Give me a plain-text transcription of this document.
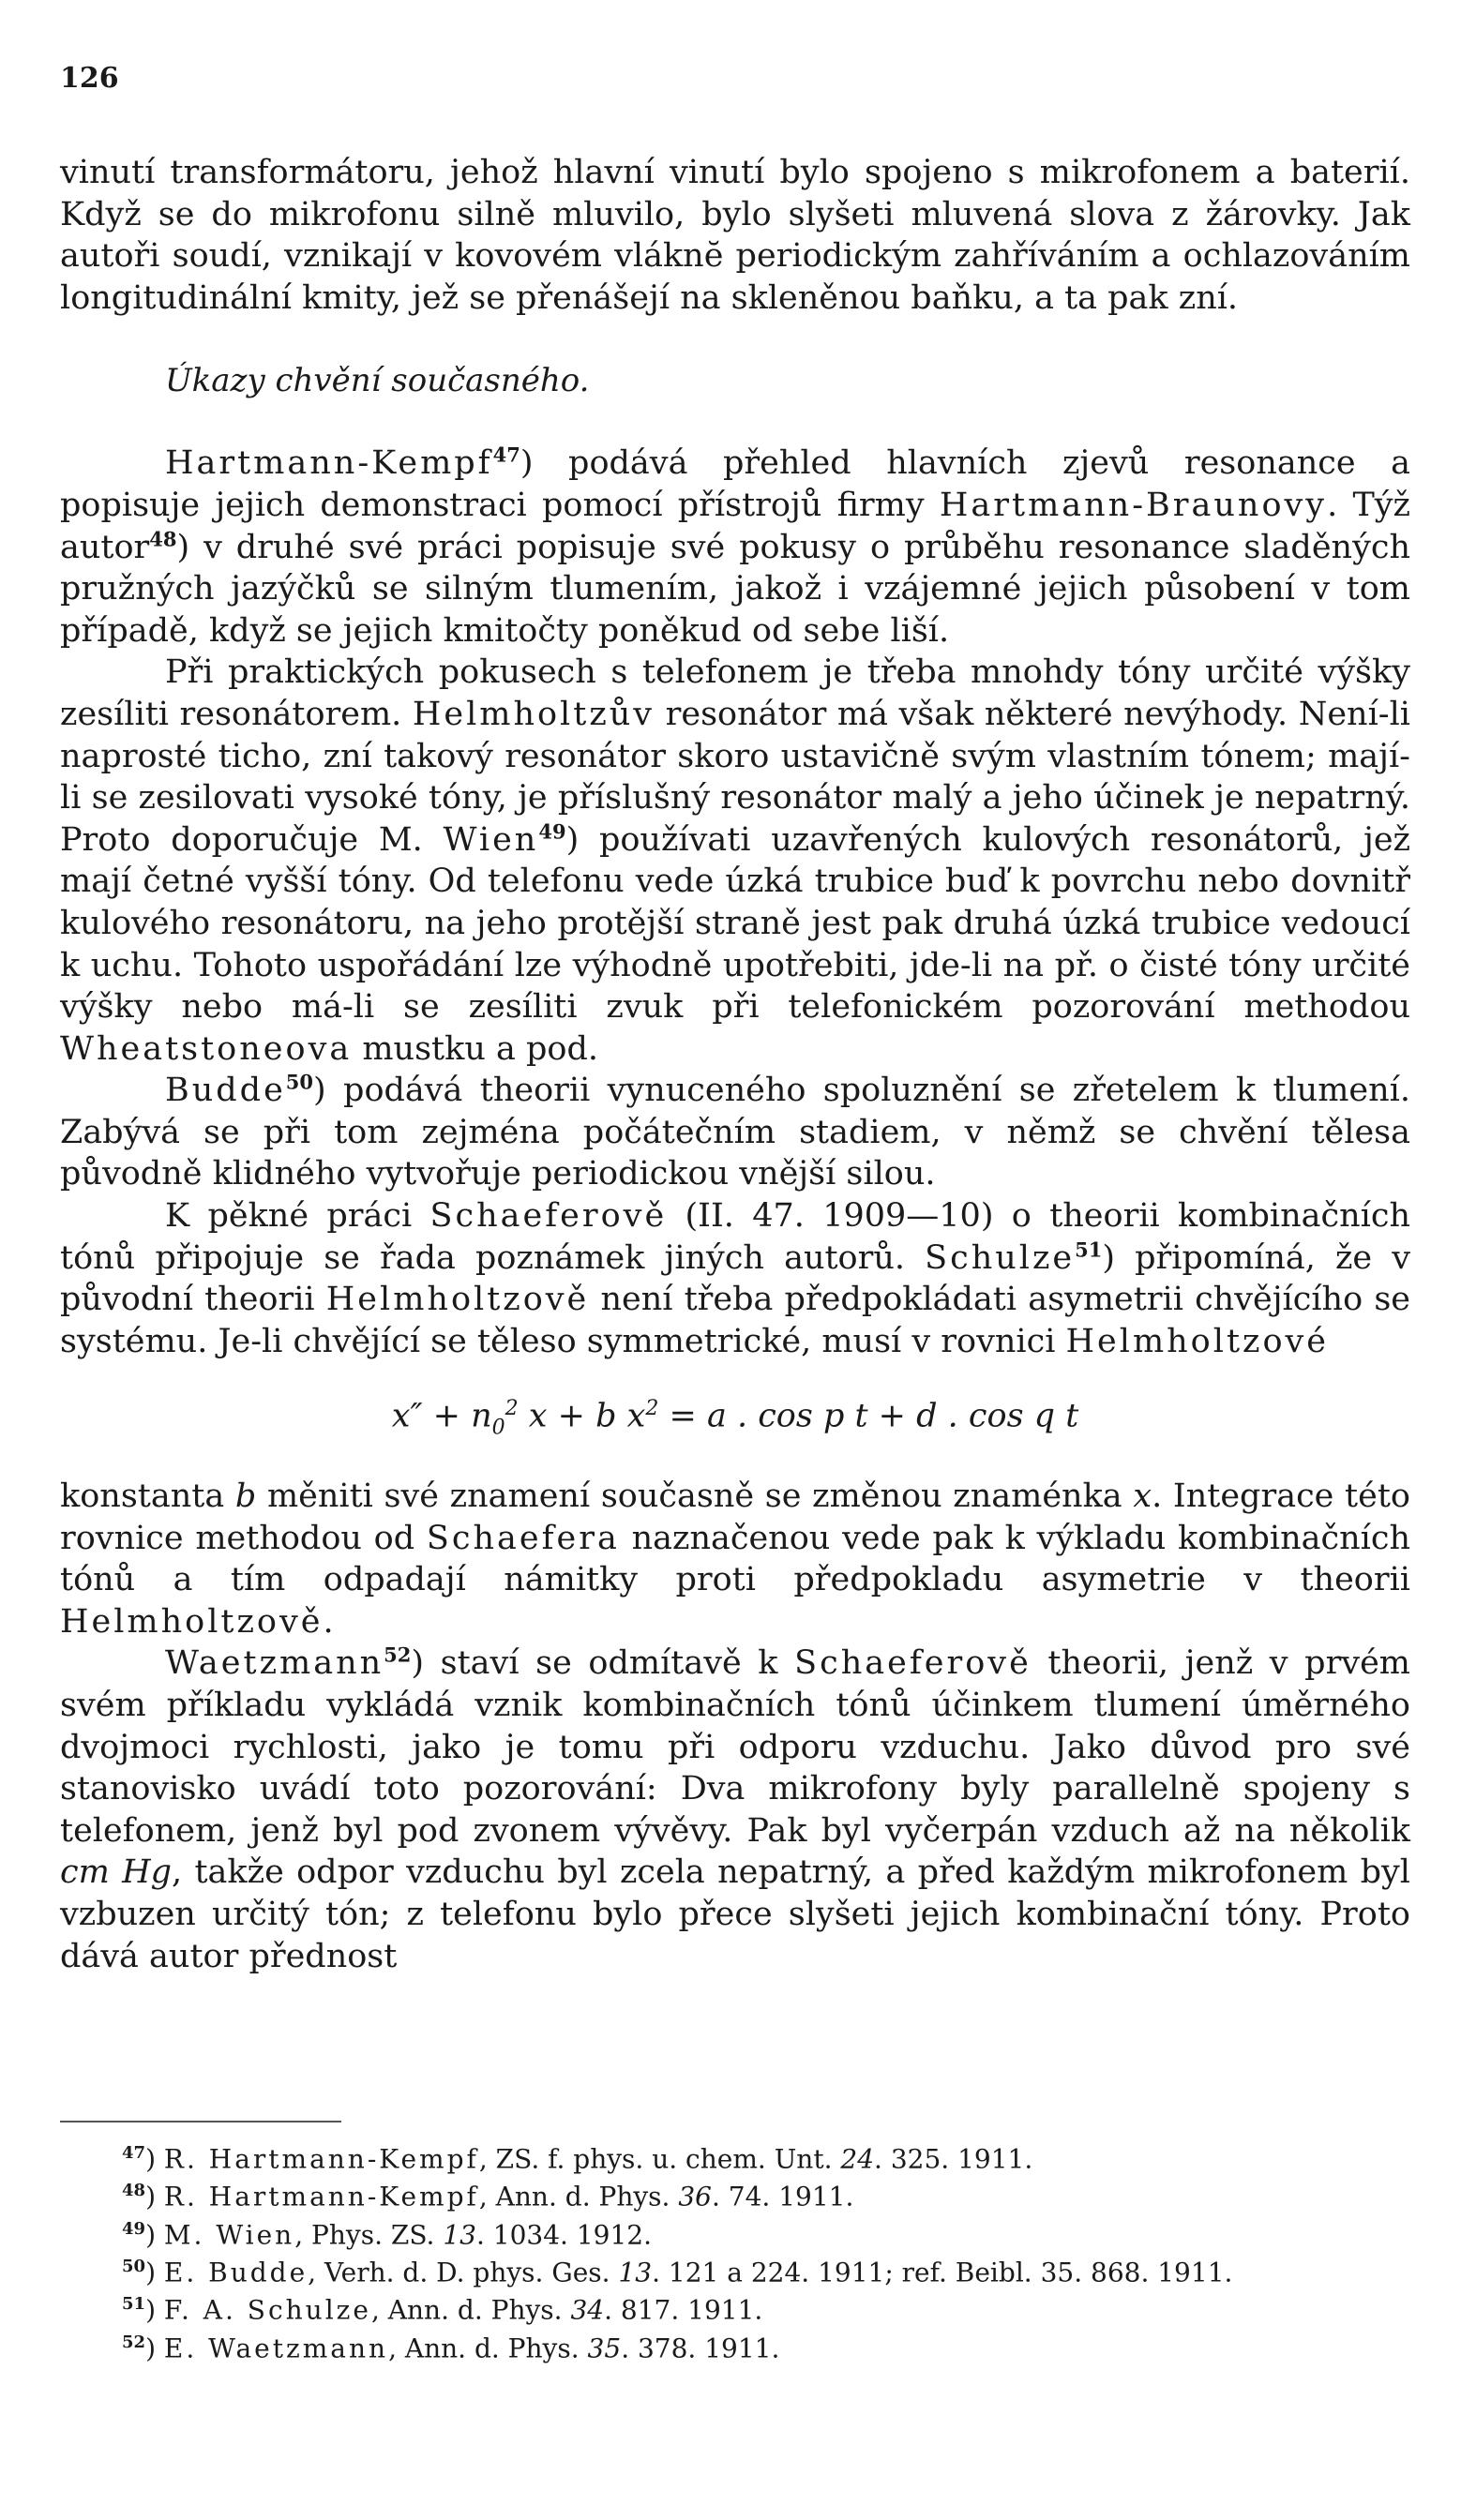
126

vinutí transformátoru, jehož hlavní vinutí bylo spojeno s mikrofonem a baterií. Když se do mikrofonu silně mluvilo, bylo slyšeti mluvená slova z žárovky. Jak autoři soudí, vznikají v kovovém vláknĕ periodickým zahříváním a ochlazováním longitudinální kmity, jež se přenášejí na skleněnou baňku, a ta pak zní.

Úkazy chvění současného.

Hartmann-Kempf$^{47}$) podává přehled hlavních zjevů resonance a popisuje jejich demonstraci pomocí přístrojů firmy Hartmann-Braunovy. Týž autor$^{48}$) v druhé své práci popisuje své pokusy o průběhu resonance sladěných pružných jazýčků se silným tlumením, jakož i vzájemné jejich působení v tom případě, když se jejich kmitočty poněkud od sebe liší.

Při praktických pokusech s telefonem je třeba mnohdy tóny určité výšky zesíliti resonátorem. Helmholtzův resonátor má však některé nevýhody. Není-li naprosté ticho, zní takový resonátor skoro ustavičně svým vlastním tónem; mají-li se zesilovati vysoké tóny, je příslušný resonátor malý a jeho účinek je nepatrný. Proto doporučuje M. Wien$^{49}$) používati uzavřených kulových resonátorů, jež mají četné vyšší tóny. Od telefonu vede úzká trubice buď k povrchu nebo dovnitř kulového resonátoru, na jeho protější straně jest pak druhá úzká trubice vedoucí k uchu. Tohoto uspořádání lze výhodně upotřebiti, jde-li na př. o čisté tóny určité výšky nebo má-li se zesíliti zvuk při telefonickém pozorování methodou Wheatstoneova mustku a pod.

Budde$^{50}$) podává theorii vynuceného spoluznění se zřetelem k tlumení. Zabývá se při tom zejména počátečním stadiem, v němž se chvění tělesa původně klidného vytvořuje periodickou vnější silou.

K pěkné práci Schaeferově (II. 47. 1909—10) o theorii kombinačních tónů připojuje se řada poznámek jiných autorů. Schulze$^{51}$) připomíná, že v původní theorii Helmholtzově není třeba předpokládati asymetrii chvějícího se systému. Je-li chvějící se těleso symmetrické, musí v rovnici Helmholtzové

$x'' + n_0^2$ x + b $x^2 = a$ . cos p t + d . cos q t

konstanta b měniti své znamení současně se změnou znaménka x. Integrace této rovnice methodou od Schaefera naznačenou vede pak k výkladu kombinačních tónů a tím odpadají námitky proti předpokladu asymetrie v theorii Helmholtzově.

Waetzmann$^{52}$) staví se odmítavě k Schaeferově theorii, jenž v prvém svém příkladu vykládá vznik kombinačních tónů účinkem tlumení úměrného dvojmoci rychlosti, jako je tomu při odporu vzduchu. Jako důvod pro své stanovisko uvádí toto pozorování: Dva mikrofony byly parallelně spojeny s telefonem, jenž byl pod zvonem vývěvy. Pak byl vyčerpán vzduch až na několik cm Hg, takže odpor vzduchu byl zcela nepatrný, a před každým mikrofonem byl vzbuzen určitý tón; z telefonu bylo přece slyšeti jejich kombinační tóny. Proto dává autor přednost

$^{47}$) R. Hartmann-Kempf, ZS. f. phys. u. chem. Unt. 24. 325. 1911.

$^{48}$) R. Hartmann-Kempf, Ann. d. Phys. 36. 74. 1911.

$^{49}$) M. Wien, Phys. ZS. 13. 1034. 1912.

$^{50}$) E. Budde, Verh. d. D. phys. Ges. 13. 121 a 224. 1911; ref. Beibl. 35. 868. 1911.

$^{51}$) F. A. Schulze, Ann. d. Phys. 34. 817. 1911.

$^{52}$) E. Waetzmann, Ann. d. Phys. 35. 378. 1911.
